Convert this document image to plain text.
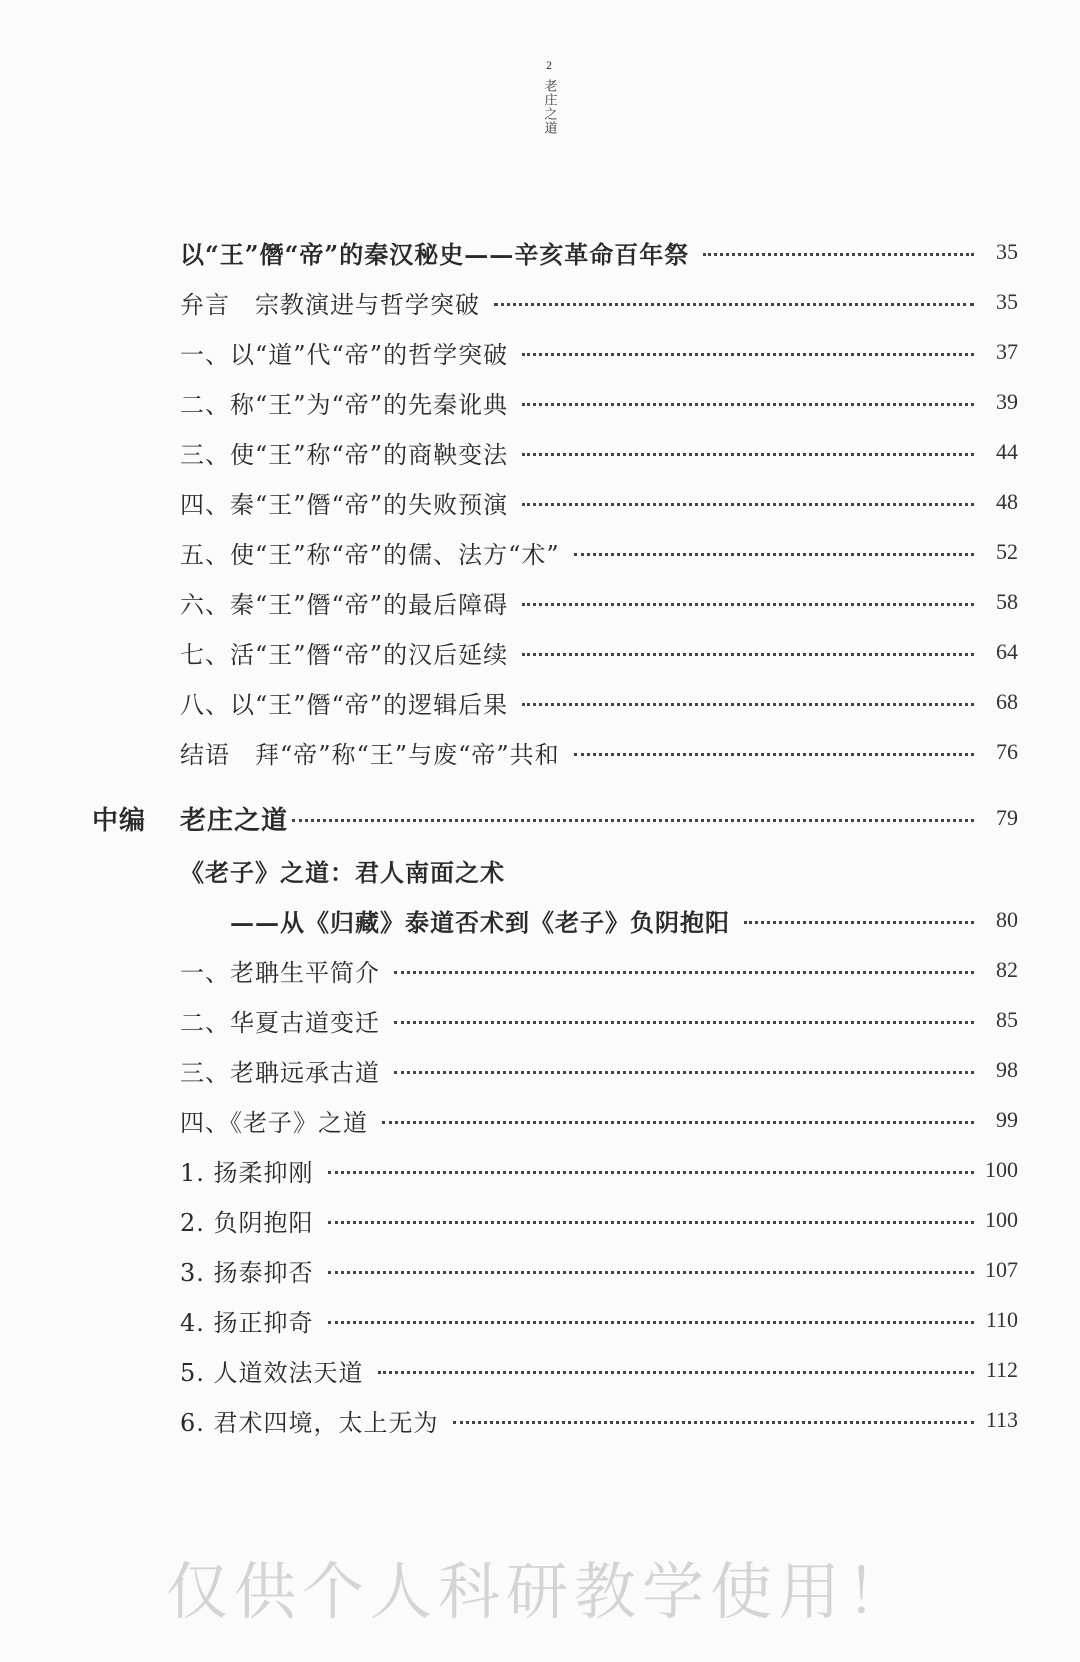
2
老庄之道
以“王”僭“帝”的秦汉秘史——辛亥革命百年祭	35
弁言　宗教演进与哲学突破	35
一、以“道”代“帝”的哲学突破	37
二、称“王”为“帝”的先秦讹典	39
三、使“王”称“帝”的商鞅变法	44
四、秦“王”僭“帝”的失败预演	48
五、使“王”称“帝”的儒、法方“术”	52
六、秦“王”僭“帝”的最后障碍	58
七、活“王”僭“帝”的汉后延续	64
八、以“王”僭“帝”的逻辑后果	68
结语　拜“帝”称“王”与废“帝”共和	76
中编 老庄之道	79
《老子》之道：君人南面之术
——从《归藏》泰道否术到《老子》负阴抱阳	80
一、老聃生平简介	82
二、华夏古道变迁	85
三、老聃远承古道	98
四、《老子》之道	99
1. 扬柔抑刚	100
2. 负阴抱阳	100
3. 扬泰抑否	107
4. 扬正抑奇	110
5. 人道效法天道	112
6. 君术四境，太上无为	113
仅供个人科研教学使用！
